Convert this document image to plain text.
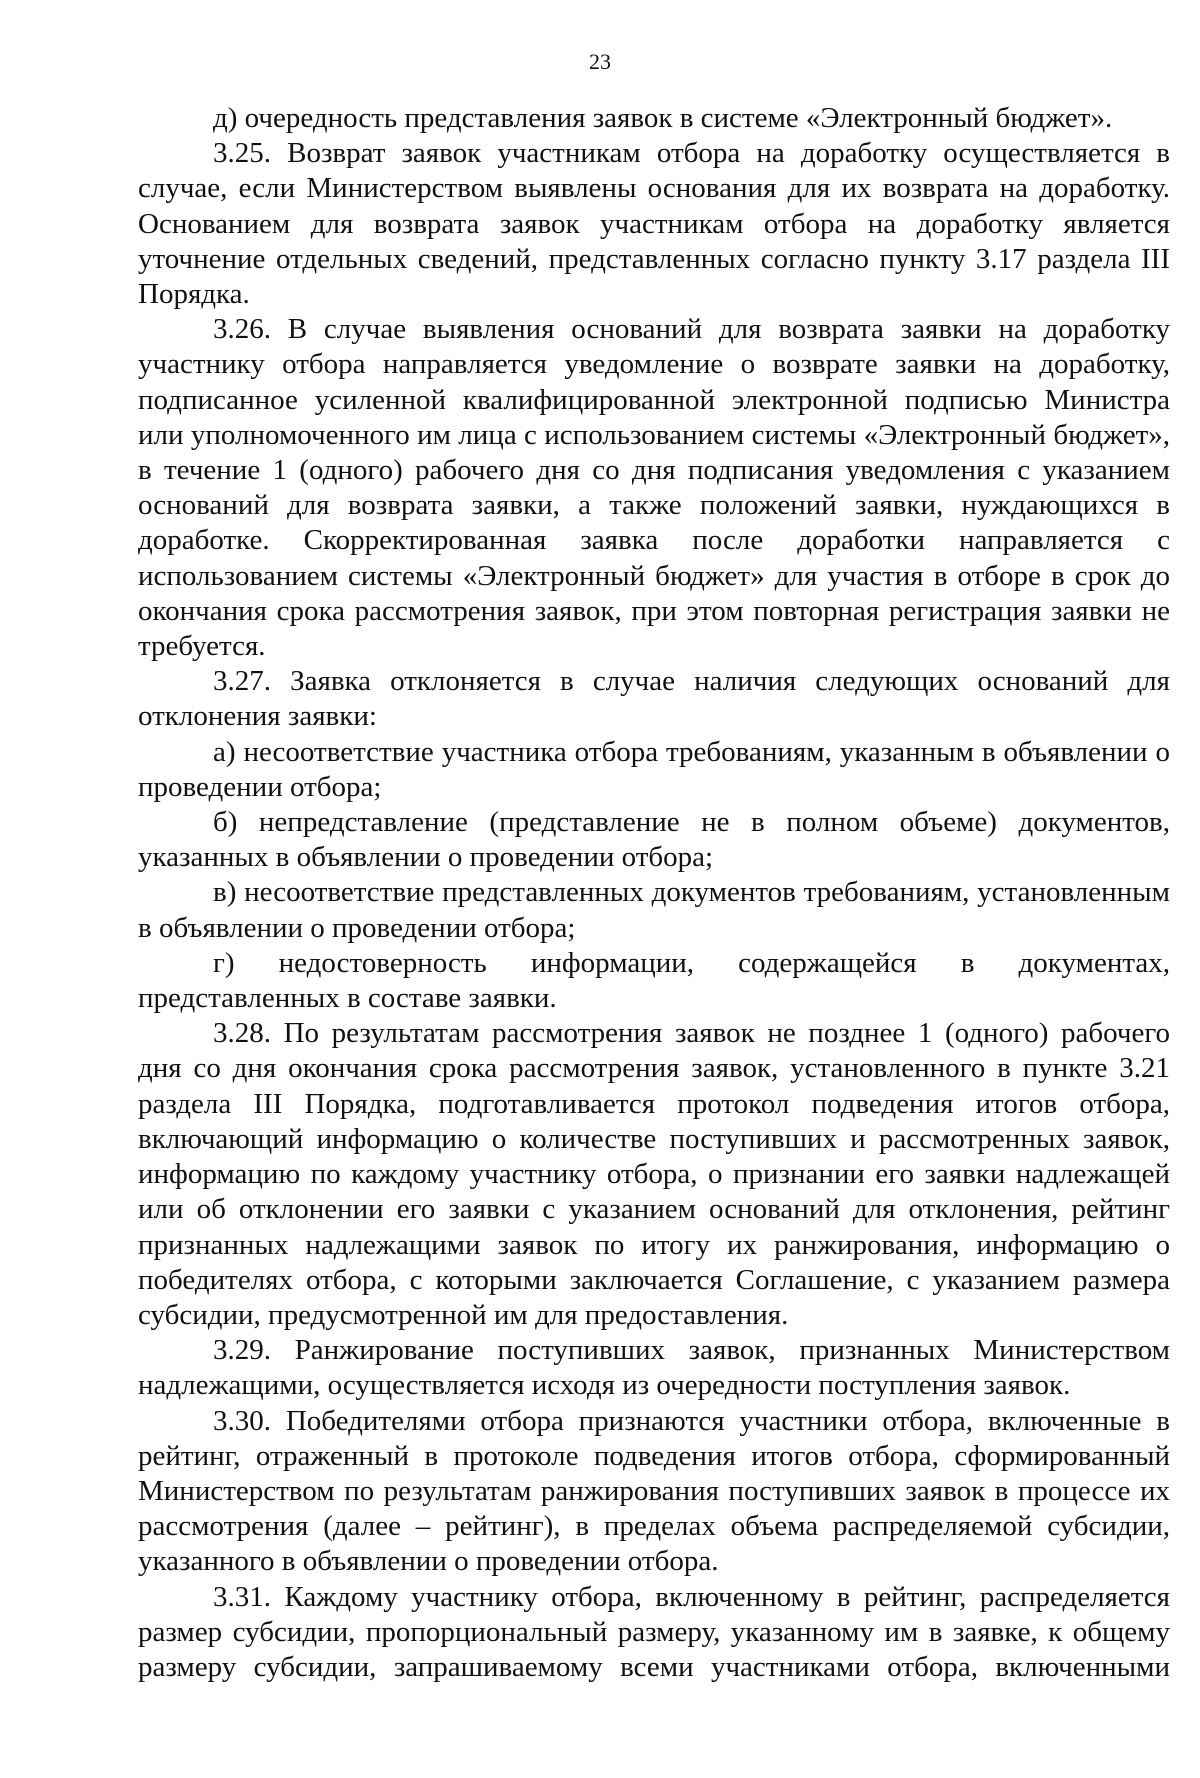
23

д) очередность представления заявок в системе «Электронный бюджет».

3.25. Возврат заявок участникам отбора на доработку осуществляется в случае, если Министерством выявлены основания для их возврата на доработку. Основанием для возврата заявок участникам отбора на доработку является уточнение отдельных сведений, представленных согласно пункту 3.17 раздела III Порядка.

3.26. В случае выявления оснований для возврата заявки на доработку участнику отбора направляется уведомление о возврате заявки на доработку, подписанное усиленной квалифицированной электронной подписью Министра или уполномоченного им лица с использованием системы «Электронный бюджет», в течение 1 (одного) рабочего дня со дня подписания уведомления с указанием оснований для возврата заявки, а также положений заявки, нуждающихся в доработке. Скорректированная заявка после доработки направляется с использованием системы «Электронный бюджет» для участия в отборе в срок до окончания срока рассмотрения заявок, при этом повторная регистрация заявки не требуется.

3.27. Заявка отклоняется в случае наличия следующих оснований для отклонения заявки:

а) несоответствие участника отбора требованиям, указанным в объявлении о проведении отбора;

б) непредставление (представление не в полном объеме) документов, указанных в объявлении о проведении отбора;

в) несоответствие представленных документов требованиям, установленным в объявлении о проведении отбора;

г) недостоверность информации, содержащейся в документах, представленных в составе заявки.

3.28. По результатам рассмотрения заявок не позднее 1 (одного) рабочего дня со дня окончания срока рассмотрения заявок, установленного в пункте 3.21 раздела III Порядка, подготавливается протокол подведения итогов отбора, включающий информацию о количестве поступивших и рассмотренных заявок, информацию по каждому участнику отбора, о признании его заявки надлежащей или об отклонении его заявки с указанием оснований для отклонения, рейтинг признанных надлежащими заявок по итогу их ранжирования, информацию о победителях отбора, с которыми заключается Соглашение, с указанием размера субсидии, предусмотренной им для предоставления.

3.29. Ранжирование поступивших заявок, признанных Министерством надлежащими, осуществляется исходя из очередности поступления заявок.

3.30. Победителями отбора признаются участники отбора, включенные в рейтинг, отраженный в протоколе подведения итогов отбора, сформированный Министерством по результатам ранжирования поступивших заявок в процессе их рассмотрения (далее – рейтинг), в пределах объема распределяемой субсидии, указанного в объявлении о проведении отбора.

3.31. Каждому участнику отбора, включенному в рейтинг, распределяется размер субсидии, пропорциональный размеру, указанному им в заявке, к общему размеру субсидии, запрашиваемому всеми участниками отбора, включенными
